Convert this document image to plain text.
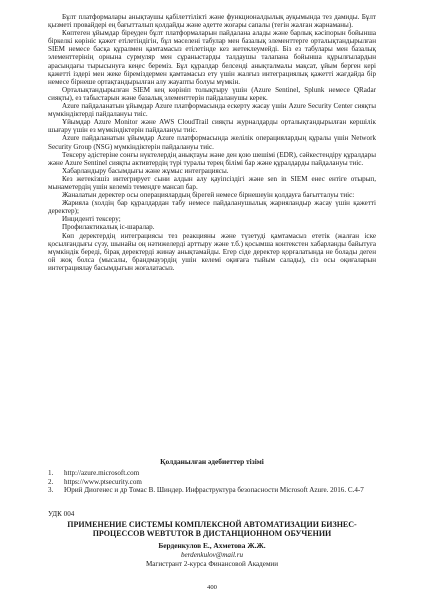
Бұлт платформалары анықтаушы қабілеттілікті және функционалдылық ауқымында тез дамиды. Бұлт қызметі провайдері ең бағытталып қолдайды және әдетте жоғары сапалы (тегін жалған жарнаманы).

Көптеген ұйымдар біреуден бұлт платформаларын пайдалана алады және барлық кәсіпорын бойынша біркелкі көрініс қажет етілетіндігін, бұл мәселені табулар мен базалық элементтерге орталықтандырылған SIEM немесе басқа құралмен қамтамасыз етілетінде кез жетеклеумейді. Біз ез табулары мен базалық элементтерінің орнына сурмуляр мен сұраныстарды талдаушы талапана бойынша құрылғылардын арасындағы тырысынуға кеңес береміз. Бұл құралдар белсенді анықталмалы мақсат, ұйым берген кері қажетті іздері мен жеке біреміздермен қамтамасыз ету үшін жалғыз интеграциялық қажетті жағдайда бір немесе бірнеше ортақтандырылған алу жауапты болуы мүмкін.

Орталықтандырылған SIEM кең көрініп толықтыру үшін (Azure Sentinel, Splunk немесе QRadar сияқты), ез табыстарын және базалық элементтерін пайдаланушы керек.

Azure пайдаланатын ұйымдар Azure платформасында ескерту жасау үшін Azure Security Center сияқты мүмкіндіктерді пайдалануы тиіс.

Ұйымдар Azure Monitor және AWS CloudTrail сияқты журналдарды орталықтандырылған кершілік шығару үшін ез мүмкіндіктерін пайдалануы тиіс.

Azure пайдаланатын ұйымдар Azure платформасында желілік операциялардың құралы үшін Network Security Group (NSG) мүмкіндіктерін пайдалануы тиіс.

Тексеру әдістеріне сонғы нүктелердің анықтауы және ден қою шешімі (EDR), сәйкестендіру құралдары және Azure Sentinel сияқты активтердің түрі туралы терең білімі бар және құралдарды пайдалануы тиіс.

Хабарландыру басымдығы және жұмыс интеграциясы.

Кез жетекізшіз интегрирует сыни алдын алу қауіпсіздігі және sen in SIEM енес ентіге отырып, мынаметердің ушін келеміз темендге мансап бар.

Жаналатын деректер осы операциялардың бірегей немесе бірнешеуін қолдауға бағытталуы тиіс:

Жарияла (холдің бар құралдардан табу немесе пайдаланушылық жарияландыр жасау үшін қажетті деректер);

Инциденті тексеру;

Профилактикалық іс-шаралар.

Көп деректердің интеграциясы тез реакцияны және түзетуді қамтамасыз ететік (жалған іске қосылғандығы сүзу, шынайы оң нәтижелерді арттыру және т.б.) қосымша контекстен хабарланды байытуға мүмкіндік береді, бірақ деректерді жинау анықтамайды. Егер сіде деректер қорғалатында не болады деген ой жоқ болса (мысалы, брандмауэрдің ушін келемі оқиғаға тыйым салады), сіз осы оқиғаларын интеграциялау басымдығын жоғалатасыз.

Қолданылған әдебиеттер тізімі
1.	http://azure.microsoft.com
2.	https://www.ptsecurity.com
3.	Юрий Диогенес и др Томас В. Шиндер. Инфраструктура безопасности Microsoft Azure. 2016. С.4-7
УДК 004
ПРИМЕНЕНИЕ СИСТЕМЫ КОМПЛЕКСНОЙ АВТОМАТИЗАЦИИ БИЗНЕС-ПРОЦЕССОВ WEBTUTOR В ДИСТАНЦИОННОМ ОБУЧЕНИИ
Берденкулов Е., Ахметова Ж.Ж.
berdenkulov@mail.ru
Магистрант 2-курса Финансовой Академии
400
